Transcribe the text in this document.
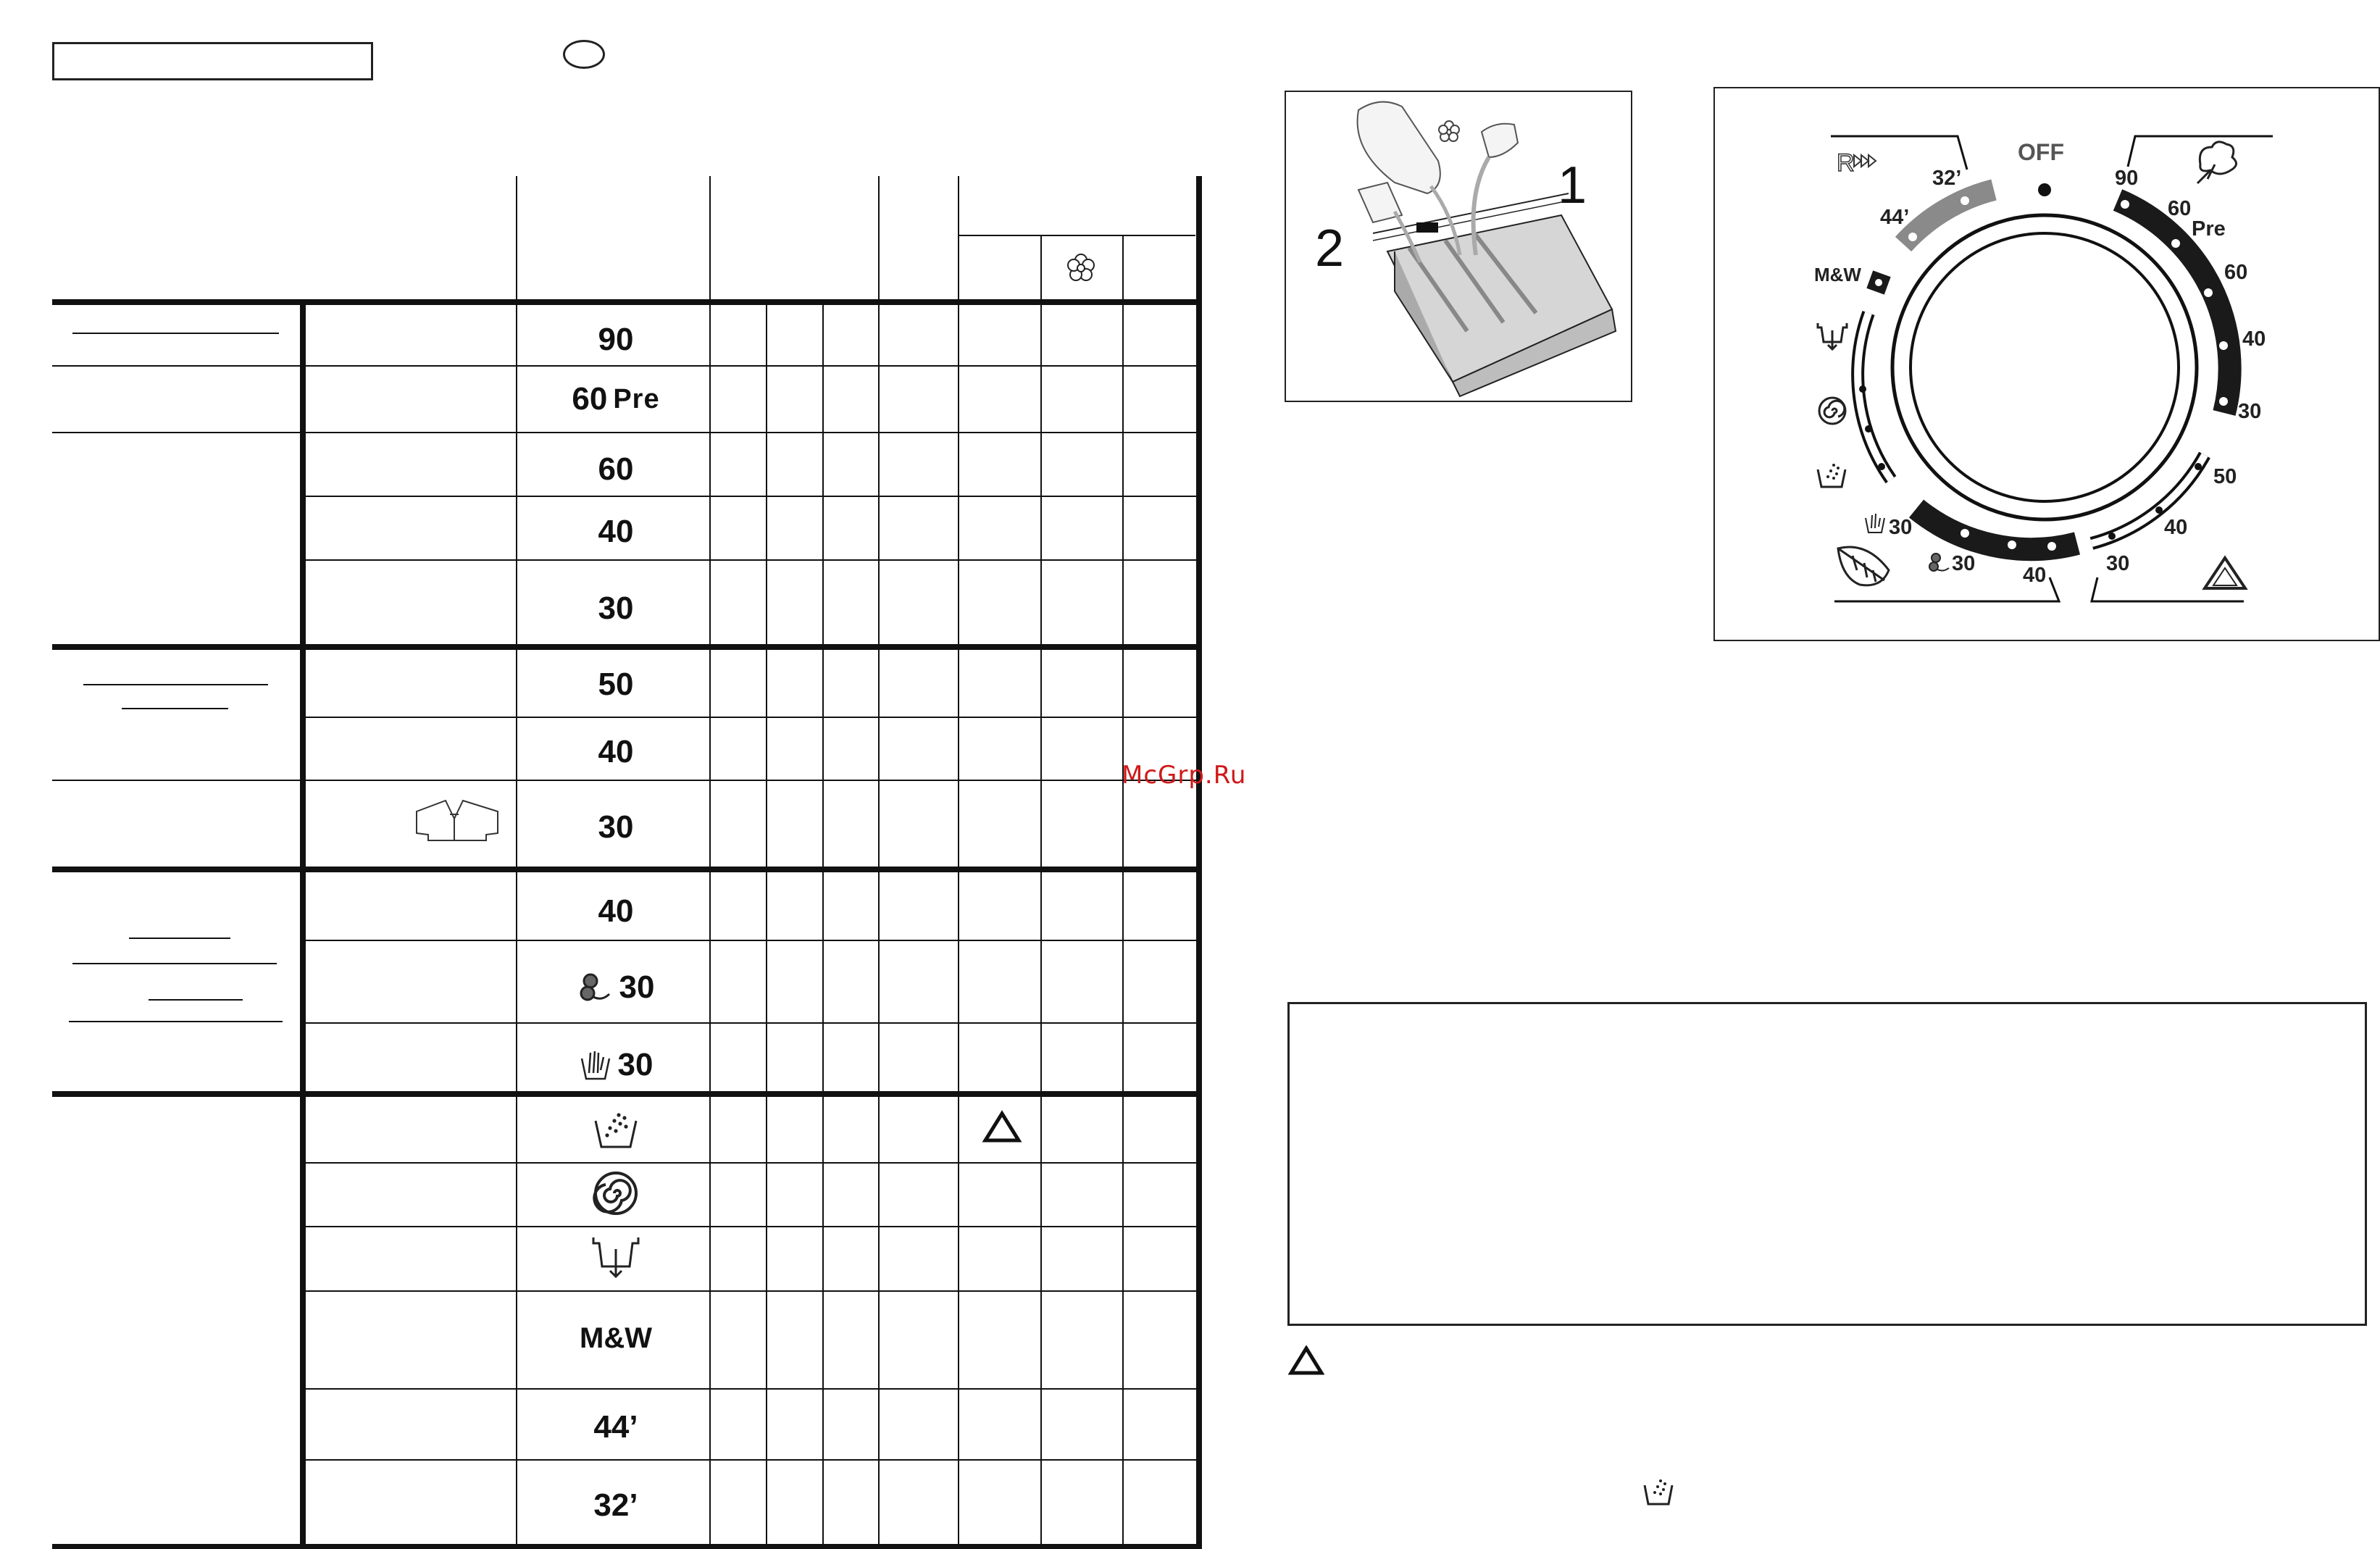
90
60 Pre
60
40
30
50
40
30
40
30
30
M&W
44’
32’
1
2
R	OFF
90
60
Pre
60
40
30
50
40
30
40
30
30
M&W
44’
32’
McGrp.Ru
